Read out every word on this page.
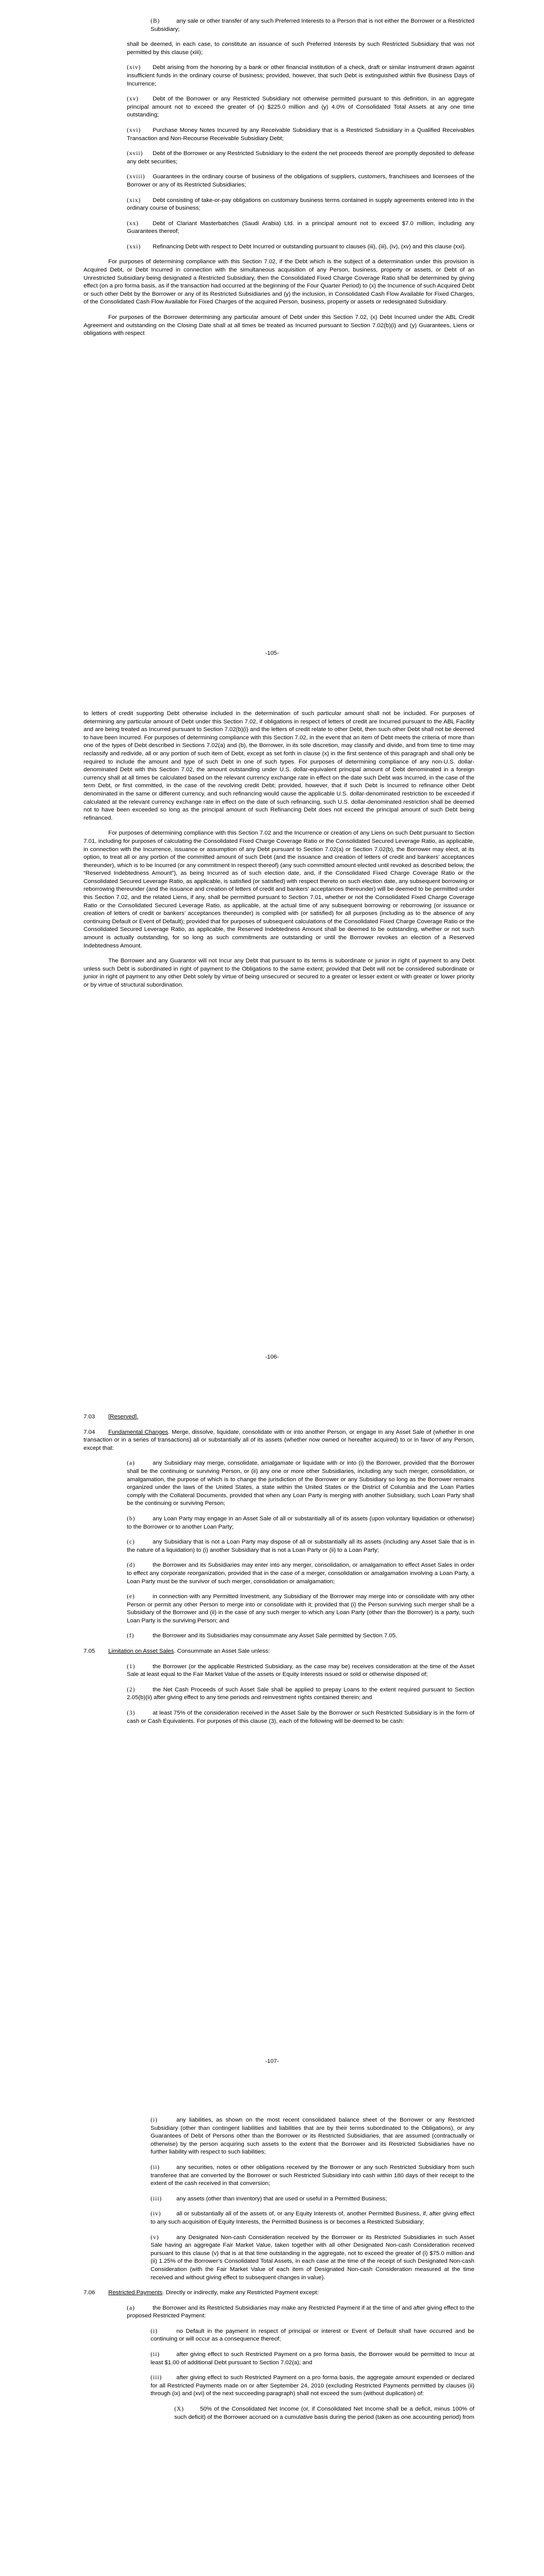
(B)	any sale or other transfer of any such Preferred Interests to a Person that is not either the Borrower or a Restricted Subsidiary;

shall be deemed, in each case, to constitute an issuance of such Preferred Interests by such Restricted Subsidiary that was not permitted by this clause (xiii);

(xiv) Debt arising from the honoring by a bank or other financial institution of a check, draft or similar instrument drawn against insufficient funds in the ordinary course of business; provided, however, that such Debt is extinguished within five Business Days of Incurrence;
(xv) Debt of the Borrower or any Restricted Subsidiary not otherwise permitted pursuant to this definition, in an aggregate principal amount not to exceed the greater of (x) $225.0 million and (y) 4.0% of Consolidated Total Assets at any one time outstanding;
(xvi) Purchase Money Notes Incurred by any Receivable Subsidiary that is a Restricted Subsidiary in a Qualified Receivables Transaction and Non-Recourse Receivable Subsidiary Debt;
(xvii) Debt of the Borrower or any Restricted Subsidiary to the extent the net proceeds thereof are promptly deposited to defease any debt securities;
(xviii) Guarantees in the ordinary course of business of the obligations of suppliers, customers, franchisees and licensees of the Borrower or any of its Restricted Subsidiaries;
(xix) Debt consisting of take-or-pay obligations on customary business terms contained in supply agreements entered into in the ordinary course of business;
(xx) Debt of Clariant Masterbatches (Saudi Arabia) Ltd. in a principal amount not to exceed $7.0 million, including any Guarantees thereof;
(xxi) Refinancing Debt with respect to Debt Incurred or outstanding pursuant to clauses (iii), (iii), (iv), (xv) and this clause (xxi).

For purposes of determining compliance with this Section 7.02, if the Debt which is the subject of a determination under this provision is Acquired Debt, or Debt Incurred in connection with the simultaneous acquisition of any Person, business, property or assets, or Debt of an Unrestricted Subsidiary being designated a Restricted Subsidiary, then the Consolidated Fixed Charge Coverage Ratio shall be determined by giving effect (on a pro forma basis, as if the transaction had occurred at the beginning of the Four Quarter Period) to (x) the Incurrence of such Acquired Debt or such other Debt by the Borrower or any of its Restricted Subsidiaries and (y) the inclusion, in Consolidated Cash Flow Available for Fixed Charges, of the Consolidated Cash Flow Available for Fixed Charges of the acquired Person, business, property or assets or redesignated Subsidiary.

For purposes of the Borrower determining any particular amount of Debt under this Section 7.02, (x) Debt Incurred under the ABL Credit Agreement and outstanding on the Closing Date shall at all times be treated as Incurred pursuant to Section 7.02(b)(i) and (y) Guarantees, Liens or obligations with respect

-105-

to letters of credit supporting Debt otherwise included in the determination of such particular amount shall not be included. For purposes of determining any particular amount of Debt under this Section 7.02, if obligations in respect of letters of credit are Incurred pursuant to the ABL Facility and are being treated as Incurred pursuant to Section 7.02(b)(i) and the letters of credit relate to other Debt, then such other Debt shall not be deemed to have been Incurred. For purposes of determining compliance with this Section 7.02, in the event that an item of Debt meets the criteria of more than one of the types of Debt described in Sections 7.02(a) and (b), the Borrower, in its sole discretion, may classify and divide, and from time to time may reclassify and redivide, all or any portion of such item of Debt, except as set forth in clause (x) in the first sentence of this paragraph and shall only be required to include the amount and type of such Debt in one of such types. For purposes of determining compliance of any non-U.S. dollar-denominated Debt with this Section 7.02, the amount outstanding under U.S. dollar-equivalent principal amount of Debt denominated in a foreign currency shall at all times be calculated based on the relevant currency exchange rate in effect on the date such Debt was Incurred, in the case of the term Debt, or first committed, in the case of the revolving credit Debt; provided, however, that if such Debt is Incurred to refinance other Debt denominated in the same or different currency, and such refinancing would cause the applicable U.S. dollar-denominated restriction to be exceeded if calculated at the relevant currency exchange rate in effect on the date of such refinancing, such U.S. dollar-denominated restriction shall be deemed not to have been exceeded so long as the principal amount of such Refinancing Debt does not exceed the principal amount of such Debt being refinanced.

For purposes of determining compliance with this Section 7.02 and the Incurrence or creation of any Liens on such Debt pursuant to Section 7.01, including for purposes of calculating the Consolidated Fixed Charge Coverage Ratio or the Consolidated Secured Leverage Ratio, as applicable, in connection with the Incurrence, issuance or assumption of any Debt pursuant to Section 7.02(a) or Section 7.02(b), the Borrower may elect, at its option, to treat all or any portion of the committed amount of such Debt (and the issuance and creation of letters of credit and bankers’ acceptances thereunder), which is to be Incurred (or any commitment in respect thereof) (any such committed amount elected until revoked as described below, the “Reserved Indebtedness Amount”), as being Incurred as of such election date, and, if the Consolidated Fixed Charge Coverage Ratio or the Consolidated Secured Leverage Ratio, as applicable, is satisfied (or satisfied) with respect thereto on such election date, any subsequent borrowing or reborrowing thereunder (and the issuance and creation of letters of credit and bankers’ acceptances thereunder) will be deemed to be permitted under this Section 7.02, and the related Liens, if any, shall be permitted pursuant to Section 7.01, whether or not the Consolidated Fixed Charge Coverage Ratio or the Consolidated Secured Leverage Ratio, as applicable, at the actual time of any subsequent borrowing or reborrowing (or issuance or creation of letters of credit or bankers’ acceptances thereunder) is complied with (or satisfied) for all purposes (including as to the absence of any continuing Default or Event of Default); provided that for purposes of subsequent calculations of the Consolidated Fixed Charge Coverage Ratio or the Consolidated Secured Leverage Ratio, as applicable, the Reserved Indebtedness Amount shall be deemed to be outstanding, whether or not such amount is actually outstanding, for so long as such commitments are outstanding or until the Borrower revokes an election of a Reserved Indebtedness Amount.

The Borrower and any Guarantor will not Incur any Debt that pursuant to its terms is subordinate or junior in right of payment to any Debt unless such Debt is subordinated in right of payment to the Obligations to the same extent; provided that Debt will not be considered subordinate or junior in right of payment to any other Debt solely by virtue of being unsecured or secured to a greater or lesser extent or with greater or lower priority or by virtue of structural subordination.

-106-

7.03 [Reserved].

7.04 Fundamental Changes. Merge, dissolve, liquidate, consolidate with or into another Person, or engage in any Asset Sale of (whether in one transaction or in a series of transactions) all or substantially all of its assets (whether now owned or hereafter acquired) to or in favor of any Person, except that:

(a)	any Subsidiary may merge, consolidate, amalgamate or liquidate with or into (i) the Borrower, provided that the Borrower shall be the continuing or surviving Person, or (ii) any one or more other Subsidiaries, including any such merger, consolidation, or amalgamation, the purpose of which is to change the jurisdiction of the Borrower or any Subsidiary so long as the Borrower remains organized under the laws of the United States, a state within the United States or the District of Columbia and the Loan Parties comply with the Collateral Documents, provided that when any Loan Party is merging with another Subsidiary, such Loan Party shall be the continuing or surviving Person;
(b)	any Loan Party may engage in an Asset Sale of all or substantially all of its assets (upon voluntary liquidation or otherwise) to the Borrower or to another Loan Party;
(c)	any Subsidiary that is not a Loan Party may dispose of all or substantially all its assets (including any Asset Sale that is in the nature of a liquidation) to (i) another Subsidiary that is not a Loan Party or (ii) to a Loan Party;
(d)	the Borrower and its Subsidiaries may enter into any merger, consolidation, or amalgamation to effect Asset Sales in order to effect any corporate reorganization, provided that in the case of a merger, consolidation or amalgamation involving a Loan Party, a Loan Party must be the survivor of such merger, consolidation or amalgamation;
(e)	in connection with any Permitted Investment, any Subsidiary of the Borrower may merge into or consolidate with any other Person or permit any other Person to merge into or consolidate with it; provided that (i) the Person surviving such merger shall be a Subsidiary of the Borrower and (ii) in the case of any such merger to which any Loan Party (other than the Borrower) is a party, such Loan Party is the surviving Person; and
(f)	the Borrower and its Subsidiaries may consummate any Asset Sale permitted by Section 7.05.

7.05 Limitation on Asset Sales. Consummate an Asset Sale unless:

(1)	the Borrower (or the applicable Restricted Subsidiary, as the case may be) receives consideration at the time of the Asset Sale at least equal to the Fair Market Value of the assets or Equity Interests issued or sold or otherwise disposed of;
(2)	the Net Cash Proceeds of such Asset Sale shall be applied to prepay Loans to the extent required pursuant to Section 2.05(b)(ii) after giving effect to any time periods and reinvestment rights contained therein; and
(3)	at least 75% of the consideration received in the Asset Sale by the Borrower or such Restricted Subsidiary is in the form of cash or Cash Equivalents. For purposes of this clause (3), each of the following will be deemed to be cash:
-107-
(i)	any liabilities, as shown on the most recent consolidated balance sheet of the Borrower or any Restricted Subsidiary (other than contingent liabilities and liabilities that are by their terms subordinated to the Obligations), or any Guarantees of Debt of Persons other than the Borrower or its Restricted Subsidiaries, that are assumed (contractually or otherwise) by the person acquiring such assets to the extent that the Borrower and its Restricted Subsidiaries have no further liability with respect to such liabilities;
(ii)	any securities, notes or other obligations received by the Borrower or any such Restricted Subsidiary from such transferee that are converted by the Borrower or such Restricted Subsidiary into cash within 180 days of their receipt to the extent of the cash received in that conversion;
(iii) any assets (other than inventory) that are used or useful in a Permitted Business;
(iv)	all or substantially all of the assets of, or any Equity Interests of, another Permitted Business, if, after giving effect to any such acquisition of Equity Interests, the Permitted Business is or becomes a Restricted Subsidiary;
(v)	any Designated Non-cash Consideration received by the Borrower or its Restricted Subsidiaries in such Asset Sale having an aggregate Fair Market Value, taken together with all other Designated Non-cash Consideration received pursuant to this clause (v) that is at that time outstanding in the aggregate, not to exceed the greater of (i) $75.0 million and (ii) 1.25% of the Borrower’s Consolidated Total Assets, in each case at the time of the receipt of such Designated Non-cash Consideration (with the Fair Market Value of each item of Designated Non-cash Consideration measured at the time received and without giving effect to subsequent changes in value).

7.06 Restricted Payments. Directly or indirectly, make any Restricted Payment except:

(a)	the Borrower and its Restricted Subsidiaries may make any Restricted Payment if at the time of and after giving effect to the proposed Restricted Payment:
(i)	no Default in the payment in respect of principal or interest or Event of Default shall have occurred and be continuing or will occur as a consequence thereof;
(ii)	after giving effect to such Restricted Payment on a pro forma basis, the Borrower would be permitted to Incur at least $1.00 of additional Debt pursuant to Section 7.02(a); and
(iii) after giving effect to such Restricted Payment on a pro forma basis, the aggregate amount expended or declared for all Restricted Payments made on or after September 24, 2010 (excluding Restricted Payments permitted by clauses (ii) through (ix) and (xvi) of the next succeeding paragraph) shall not exceed the sum (without duplication) of:
(X)	50% of the Consolidated Net Income (or, if Consolidated Net Income shall be a deficit, minus 100% of such deficit) of the Borrower accrued on a cumulative basis during the period (taken as one accounting period) from
